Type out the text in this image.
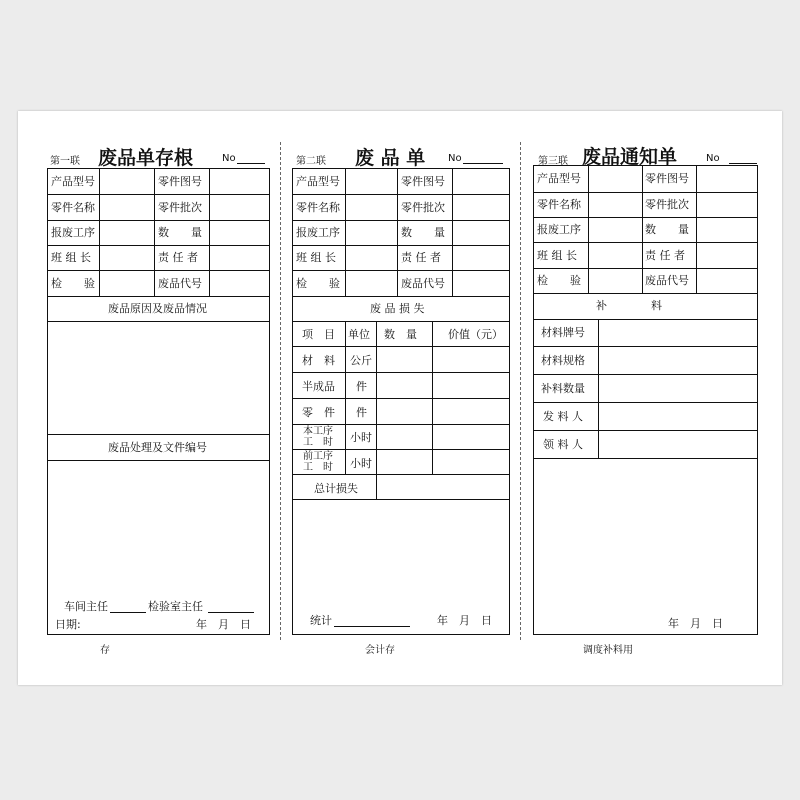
第一联 废品单存根	No
产品型号	零件图号
零件名称	零件批次
报废工序	数　　量
班 组 长	责 任 者
检　　验	废品代号
废品原因及废品情况
废品处理及文件编号
车间主任	检验室主任
日期:	年　月　日
存
第二联 废 品 单 No
产品型号	零件图号
零件名称	零件批次
报废工序	数　　量
班 组 长	责 任 者
检　　验	废品代号
废 品 损 失
项　目 单位 数　量	价值（元）
材　料 公斤
半成品 件
零　件 件
本工序
工　时 小时
前工序
工　时 小时
总计损失
统计	年　月　日
会计存
第三联 废品通知单	No
产品型号	零件图号
零件名称	零件批次
报废工序	数　　量
班 组 长	责 任 者
检　　验	废品代号
补　　　　料
材料牌号
材料规格
补料数量
发 料 人
领 料 人
年　月　日
调度补料用
